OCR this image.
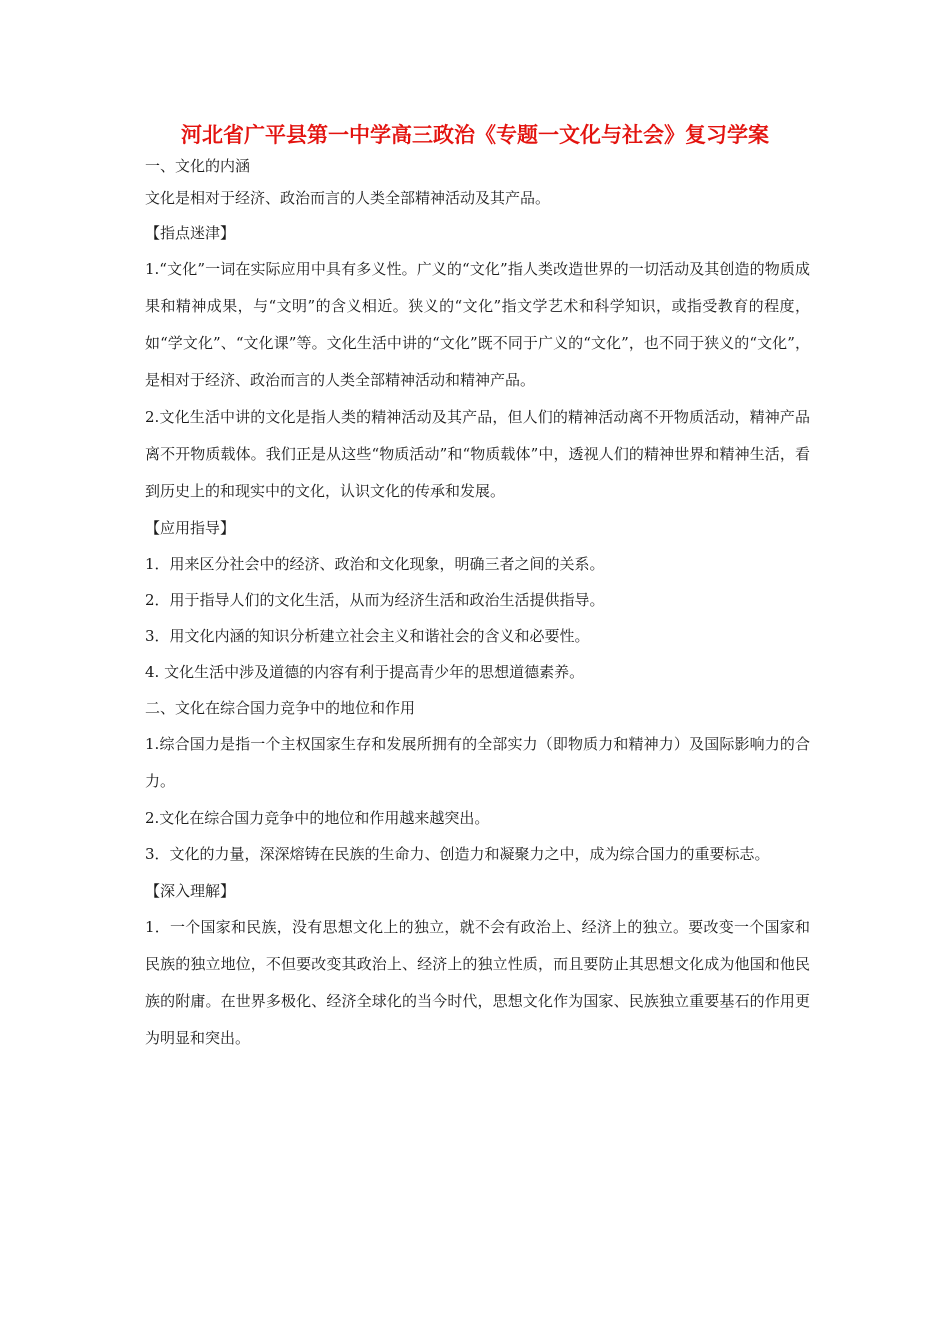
河北省广平县第一中学高三政治《专题一文化与社会》复习学案

一、文化的内涵

文化是相对于经济、政治而言的人类全部精神活动及其产品。

【指点迷津】

1.“文化”一词在实际应用中具有多义性。广义的“文化”指人类改造世界的一切活动及其创造的物质成果和精神成果，与“文明”的含义相近。狭义的“文化”指文学艺术和科学知识，或指受教育的程度，如“学文化”、“文化课”等。文化生活中讲的“文化”既不同于广义的“文化”，也不同于狭义的“文化”，是相对于经济、政治而言的人类全部精神活动和精神产品。

2.文化生活中讲的文化是指人类的精神活动及其产品，但人们的精神活动离不开物质活动，精神产品离不开物质载体。我们正是从这些“物质活动”和“物质载体”中，透视人们的精神世界和精神生活，看到历史上的和现实中的文化，认识文化的传承和发展。

【应用指导】

1．用来区分社会中的经济、政治和文化现象，明确三者之间的关系。

2．用于指导人们的文化生活，从而为经济生活和政治生活提供指导。

3．用文化内涵的知识分析建立社会主义和谐社会的含义和必要性。

4. 文化生活中涉及道德的内容有利于提高青少年的思想道德素养。

二、文化在综合国力竞争中的地位和作用

1.综合国力是指一个主权国家生存和发展所拥有的全部实力（即物质力和精神力）及国际影响力的合力。

2.文化在综合国力竞争中的地位和作用越来越突出。

3．文化的力量，深深熔铸在民族的生命力、创造力和凝聚力之中，成为综合国力的重要标志。

【深入理解】

1．一个国家和民族，没有思想文化上的独立，就不会有政治上、经济上的独立。要改变一个国家和民族的独立地位，不但要改变其政治上、经济上的独立性质，而且要防止其思想文化成为他国和他民族的附庸。在世界多极化、经济全球化的当今时代，思想文化作为国家、民族独立重要基石的作用更为明显和突出。
